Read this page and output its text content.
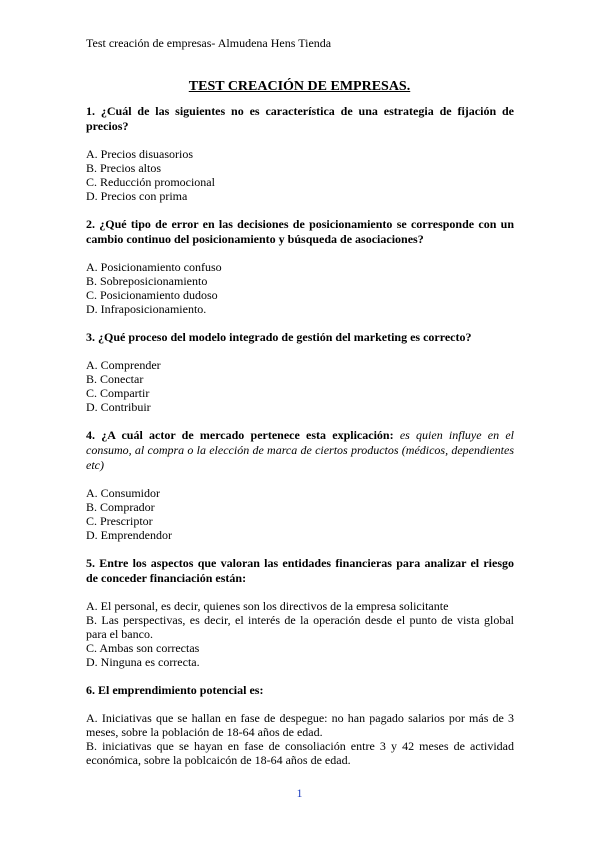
Test creación de empresas- Almudena Hens Tienda
TEST CREACIÓN DE EMPRESAS.

1. ¿Cuál de las siguientes no es característica de una estrategia de fijación de precios?

A. Precios disuasorios
B. Precios altos
C. Reducción promocional
D. Precios con prima

2. ¿Qué tipo de error en las decisiones de posicionamiento se corresponde con un cambio continuo del posicionamiento y búsqueda de asociaciones?

A. Posicionamiento confuso
B. Sobreposicionamiento
C. Posicionamiento dudoso
D. Infraposicionamiento.

3. ¿Qué proceso del modelo integrado de gestión del marketing es correcto?

A. Comprender
B. Conectar
C. Compartir
D. Contribuir

4. ¿A cuál actor de mercado pertenece esta explicación: es quien influye en el consumo, al compra o la elección de marca de ciertos productos (médicos, dependientes etc)

A. Consumidor
B. Comprador
C. Prescriptor
D. Emprendendor

5. Entre los aspectos que valoran las entidades financieras para analizar el riesgo de conceder financiación están:

A. El personal, es decir, quienes son los directivos de la empresa solicitante
B. Las perspectivas, es decir, el interés de la operación desde el punto de vista global para el banco.
C. Ambas son correctas
D. Ninguna es correcta.

6. El emprendimiento potencial es:

A. Iniciativas que se hallan en fase de despegue: no han pagado salarios por más de 3 meses, sobre la población de 18-64 años de edad.
B. iniciativas que se hayan en fase de consoliación entre 3 y 42 meses de actividad económica, sobre la poblcaicón de 18-64 años de edad.
1
